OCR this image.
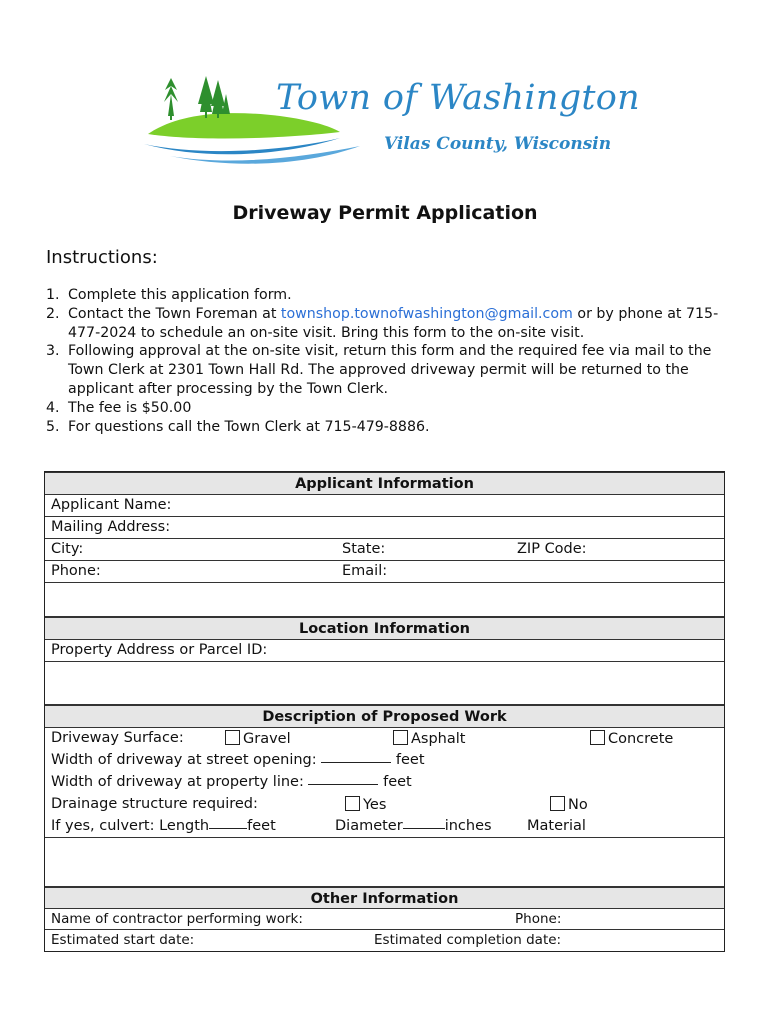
Town of Washington
Vilas County, Wisconsin
Driveway Permit Application
Instructions:
1. Complete this application form.
2. Contact the Town Foreman at townshop.townofwashington@gmail.com or by phone at 715-477-2024 to schedule an on-site visit. Bring this form to the on-site visit.
3. Following approval at the on-site visit, return this form and the required fee via mail to the Town Clerk at 2301 Town Hall Rd. The approved driveway permit will be returned to the applicant after processing by the Town Clerk.
4. The fee is $50.00
5. For questions call the Town Clerk at 715-479-8886.
Applicant Information
Applicant Name:
Mailing Address:
City:	State:	ZIP Code:
Phone:	Email:
Location Information
Property Address or Parcel ID:
Description of Proposed Work
Driveway Surface:	Gravel	Asphalt	Concrete
Width of driveway at street opening:	feet
Width of driveway at property line:	feet
Drainage structure required:	Yes	No
If yes, culvert: Length	feet	Diameter	inches Material
Other Information
Name of contractor performing work:	Phone:
Estimated start date:	Estimated completion date:
